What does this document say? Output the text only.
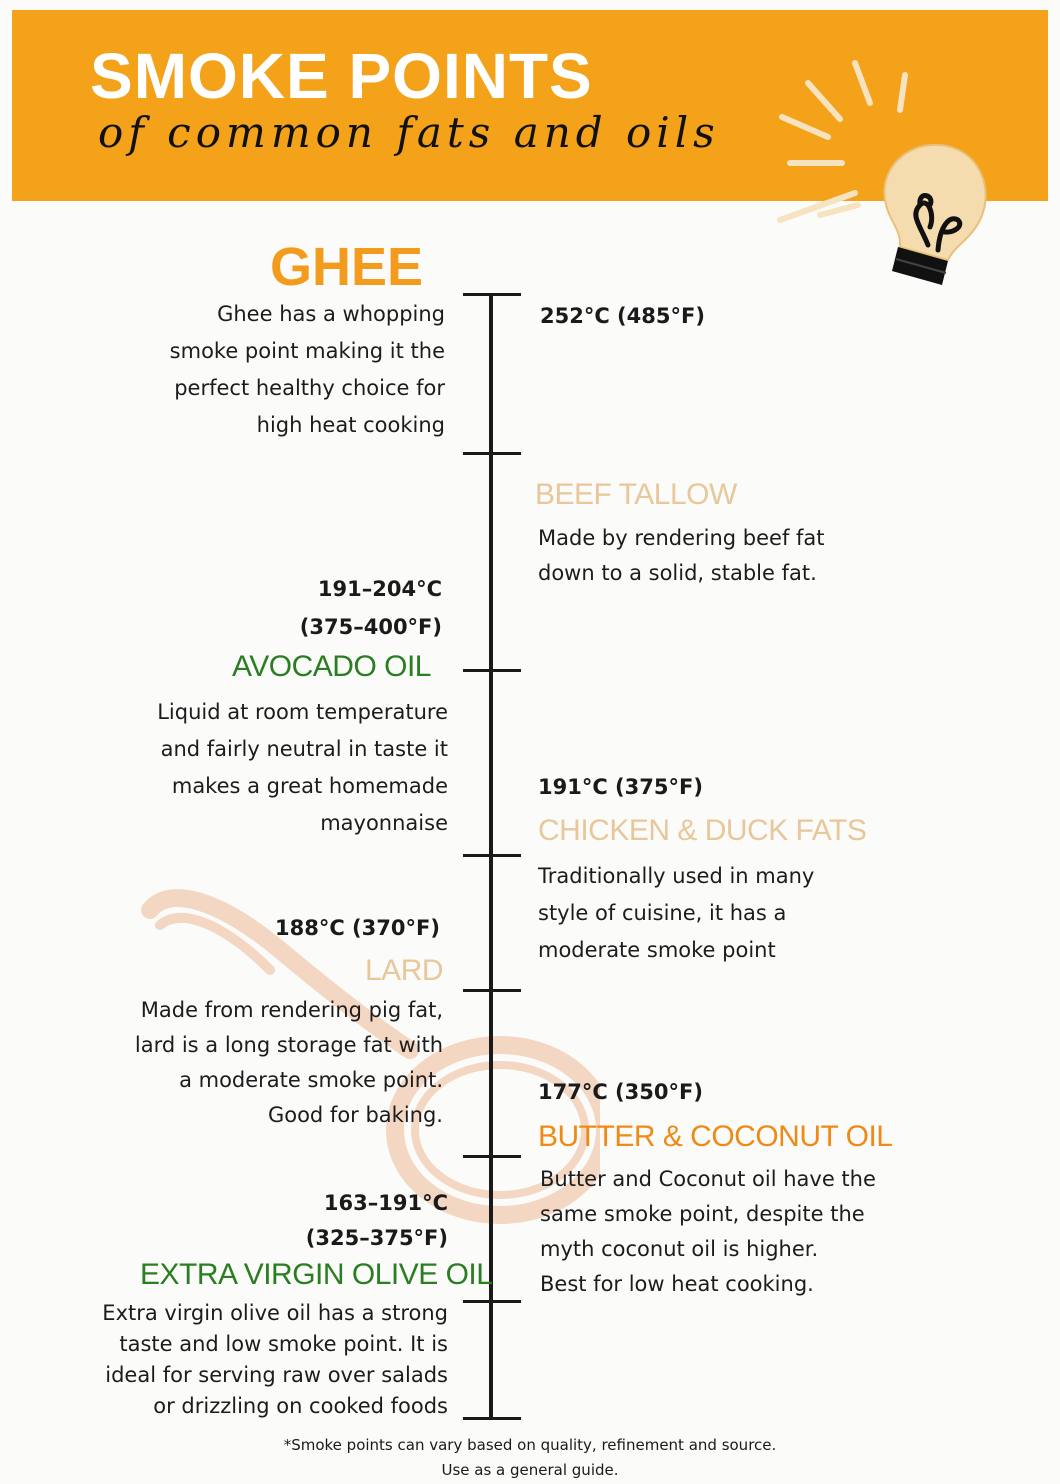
SMOKE POINTS
of common fats and oils
GHEE
252°C (485°F)
Ghee has a whopping
smoke point making it the
perfect healthy choice for
high heat cooking
BEEF TALLOW
Made by rendering beef fat
down to a solid, stable fat.
191–204°C
(375–400°F)
AVOCADO OIL
Liquid at room temperature
and fairly neutral in taste it
makes a great homemade
mayonnaise
191°C (375°F)
CHICKEN & DUCK FATS
Traditionally used in many
style of cuisine, it has a
moderate smoke point
188°C (370°F)
LARD
Made from rendering pig fat,
lard is a long storage fat with
a moderate smoke point.
Good for baking.
177°C (350°F)
BUTTER & COCONUT OIL
Butter and Coconut oil have the
same smoke point, despite the
myth coconut oil is higher.
Best for low heat cooking.
163–191°C
(325–375°F)
EXTRA VIRGIN OLIVE OIL
Extra virgin olive oil has a strong
taste and low smoke point. It is
ideal for serving raw over salads
or drizzling on cooked foods
*Smoke points can vary based on quality, refinement and source.
Use as a general guide.
